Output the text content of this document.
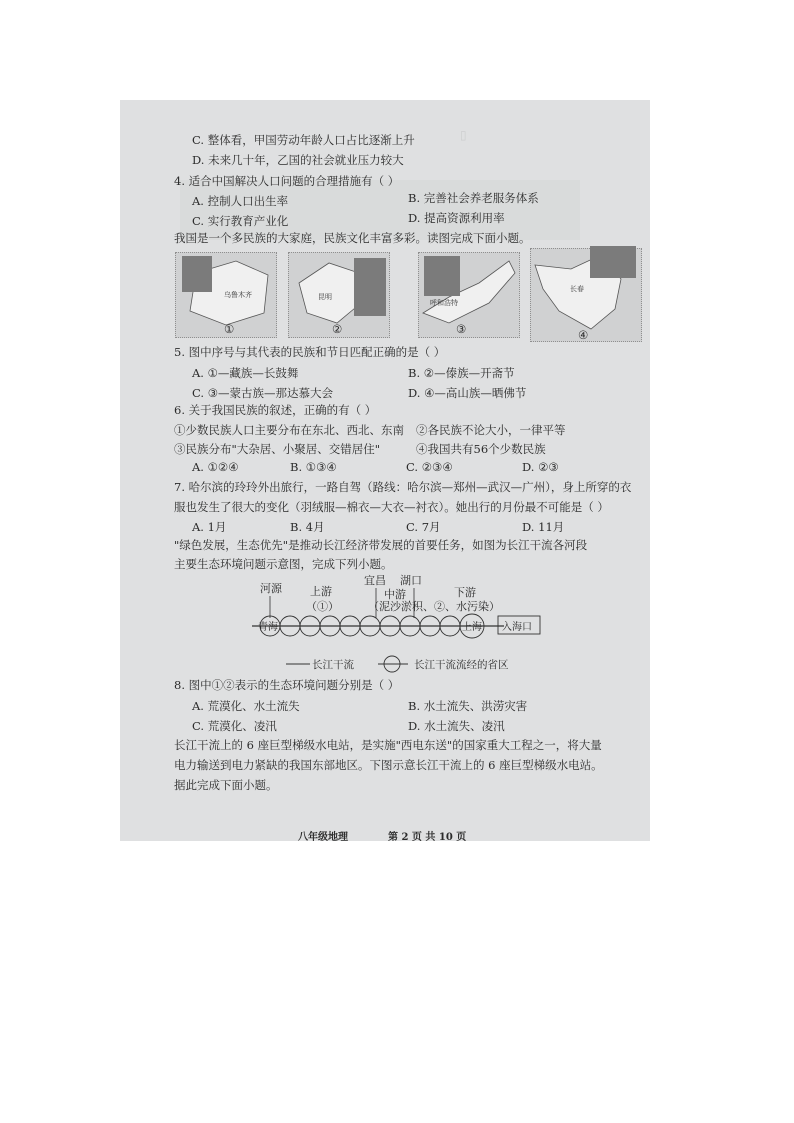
▯
C. 整体看，甲国劳动年龄人口占比逐渐上升
D. 未来几十年，乙国的社会就业压力较大
4. 适合中国解决人口问题的合理措施有（ ）
A. 控制人口出生率	B. 完善社会养老服务体系
C. 实行教育产业化	D. 提高资源利用率
我国是一个多民族的大家庭，民族文化丰富多彩。读图完成下面小题。
乌鲁木齐
①
昆明
②
呼和浩特
③
长春
④
5. 图中序号与其代表的民族和节日匹配正确的是（ ）
A. ①—藏族—长鼓舞	B. ②—傣族—开斋节
C. ③—蒙古族—那达慕大会	D. ④—高山族—晒佛节
6. 关于我国民族的叙述，正确的有（ ）
①少数民族人口主要分布在东北、西北、东南 ②各民族不论大小，一律平等
③民族分布"大杂居、小聚居、交错居住"	④我国共有56个少数民族
A. ①②④	B. ①③④	C. ②③④	D. ②③
7. 哈尔滨的玲玲外出旅行，一路自驾（路线：哈尔滨—郑州—武汉—广州），身上所穿的衣
服也发生了很大的变化（羽绒服—棉衣—大衣—衬衣）。她出行的月份最不可能是（ ）
A. 1月	B. 4月	C. 7月	D. 11月
"绿色发展，生态优先"是推动长江经济带发展的首要任务，如图为长江干流各河段
主要生态环境问题示意图，完成下列小题。
河源	上游
（①）
宜昌 湖口
中游
（泥沙淤积、②、水污染）
下游
青海	上海 入海口
长江干流	长江干流流经的省区
8. 图中①②表示的生态环境问题分别是（ ）
A. 荒漠化、水土流失	B. 水土流失、洪涝灾害
C. 荒漠化、凌汛	D. 水土流失、凌汛
长江干流上的 6 座巨型梯级水电站，是实施"西电东送"的国家重大工程之一，将大量
电力输送到电力紧缺的我国东部地区。下图示意长江干流上的 6 座巨型梯级水电站。
据此完成下面小题。
八年级地理	第 2 页 共 10 页
